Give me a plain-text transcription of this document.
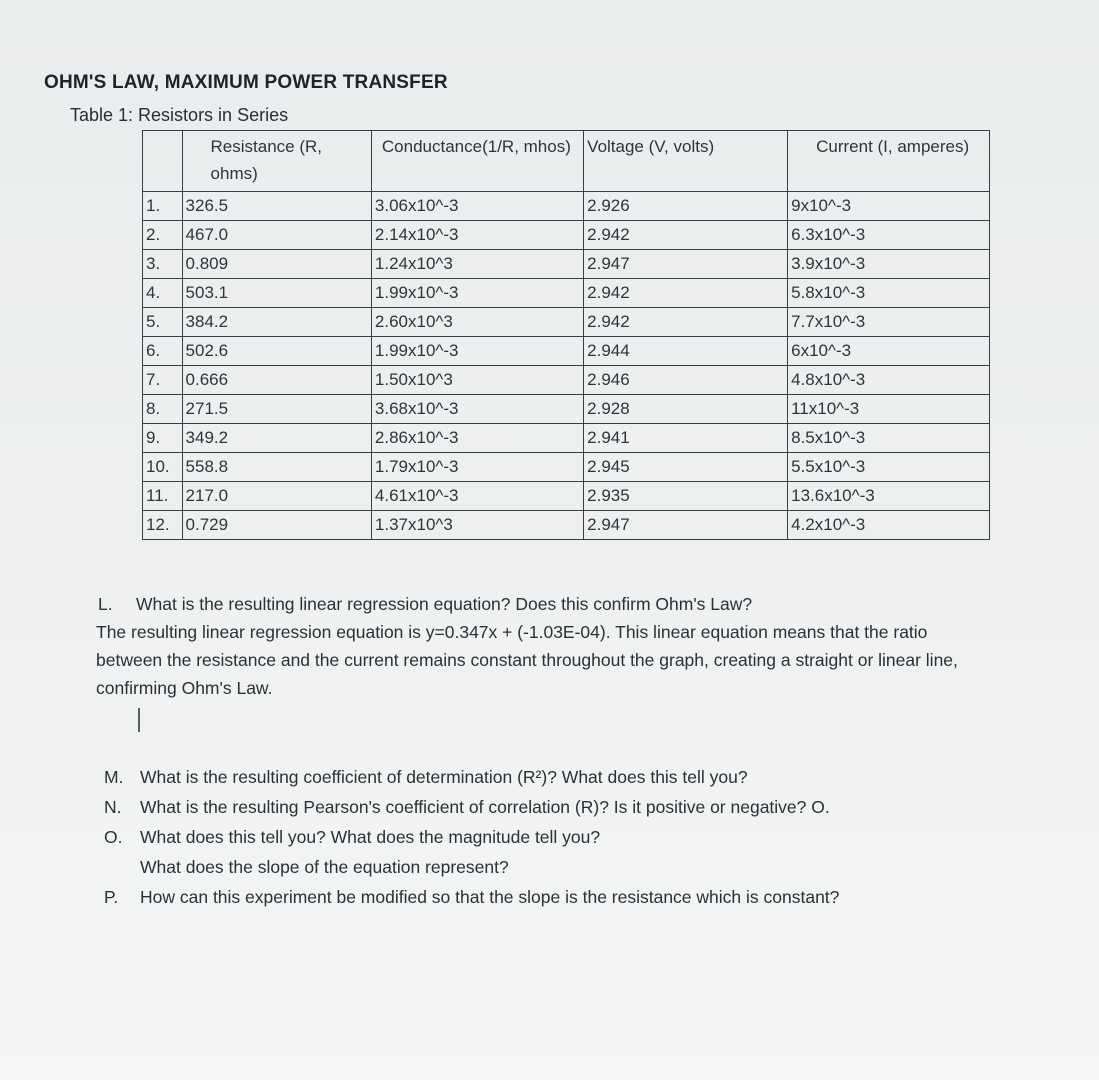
OHM'S LAW, MAXIMUM POWER TRANSFER
Table 1: Resistors in Series
	Resistance (R, ohms)	Conductance(1/R, mhos)	Voltage (V, volts)	Current (I, amperes)
1.	326.5	3.06x10^-3	2.926	9x10^-3
2.	467.0	2.14x10^-3	2.942	6.3x10^-3
3.	0.809	1.24x10^3	2.947	3.9x10^-3
4.	503.1	1.99x10^-3	2.942	5.8x10^-3
5.	384.2	2.60x10^3	2.942	7.7x10^-3
6.	502.6	1.99x10^-3	2.944	6x10^-3
7.	0.666	1.50x10^3	2.946	4.8x10^-3
8.	271.5	3.68x10^-3	2.928	11x10^-3
9.	349.2	2.86x10^-3	2.941	8.5x10^-3
10.	558.8	1.79x10^-3	2.945	5.5x10^-3
11.	217.0	4.61x10^-3	2.935	13.6x10^-3
12.	0.729	1.37x10^3	2.947	4.2x10^-3
L. What is the resulting linear regression equation? Does this confirm Ohm's Law?
The resulting linear regression equation is y=0.347x + (-1.03E-04). This linear equation means that the ratio between the resistance and the current remains constant throughout the graph, creating a straight or linear line, confirming Ohm's Law.
M. What is the resulting coefficient of determination (R²)? What does this tell you?
N.	What is the resulting Pearson's coefficient of correlation (R)? Is it positive or negative? O.
O.	What does this tell you? What does the magnitude tell you?
What does the slope of the equation represent?
P.	How can this experiment be modified so that the slope is the resistance which is constant?
